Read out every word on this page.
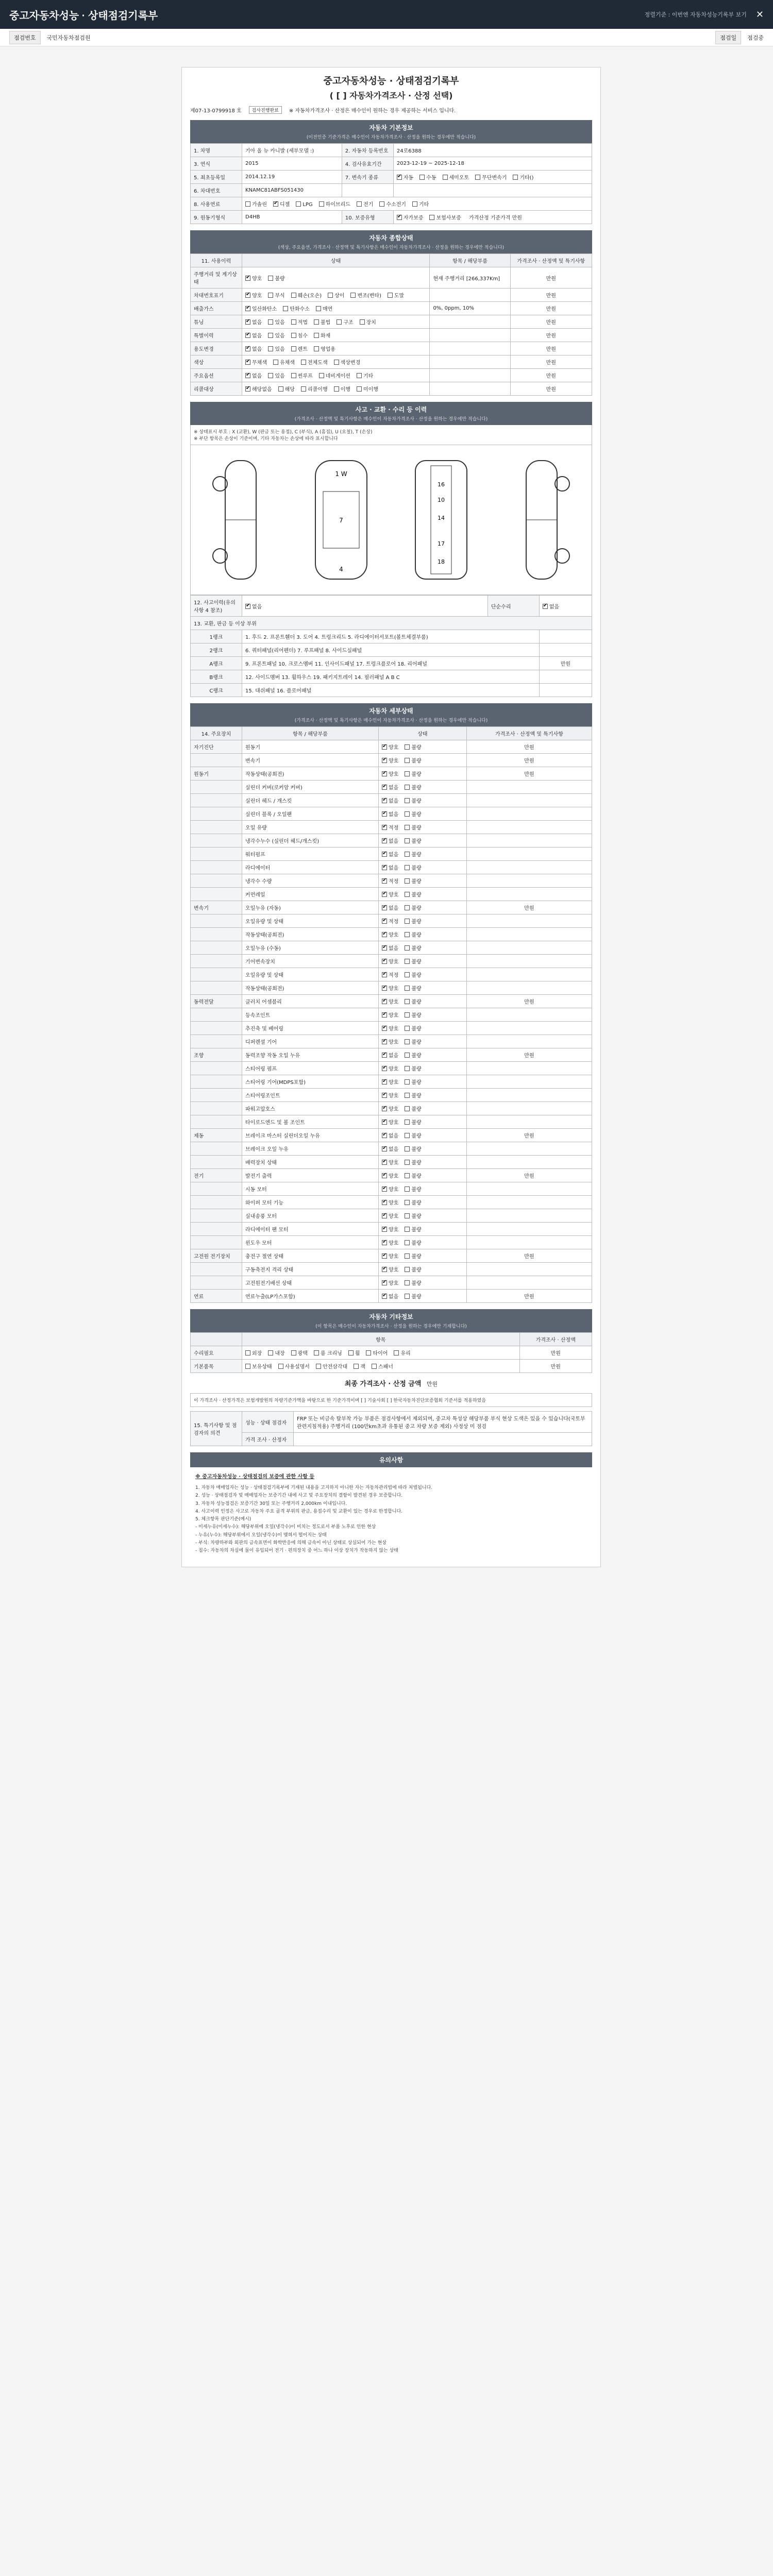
중고자동차성능 · 상태점검기록부	정렬기준 : 이번엔 자동차성능기록부 보기 ✕
점검번호	국민자동차점검원	점검일	점검중
중고자동차성능 · 상태점검기록부
( [ ] 자동차가격조사 · 산정 선택)
제07-13-0799918 호	검사진행완료	※ 자동차가격조사 · 산정은 매수인이 원하는 경우 제공하는 서비스 입니다.
자동차 기본정보
(이전인증 기준가격은 매수인이 자동차가격조사 · 산정을 원하는 경우에만 적습니다)
1. 차명	기아 올 뉴 카니발 (세부모델 :)	2. 자동차 등록번호	24로6388
3. 연식	2015	4. 검사유효기간	2023-12-19 ~ 2025-12-18
5. 최초등록일	2014.12.19	7. 변속기 종류	✔자동 수동 세미오토 무단변속기 기타()
6. 차대번호	KNAMC81ABFS051430		
8. 사용연료	가솔린 ✔ 디젤 LPG 하이브리드 전기 수소전기 기타
9. 원동기형식	D4HB	10. 보증유형	✔자가보증 보험사보증 가격산정 기준가격 만원
자동차 종합상태
(색상, 주요옵션, 가격조사 · 산정액 및 특기사항은 매수인이 자동차가격조사 · 산정을 원하는 경우에만 적습니다)
11. 사용이력	상태	항목 / 해당부품	가격조사 · 산정액 및 특기사항
주행거리 및 계기상태	✔양호 불량	현재 주행거리 [266,337Km]	만원
차대번호표기	✔양호 부식 훼손(오손) 상이 변조(변타) 도말		만원
배출가스	✔일산화탄소 탄화수소 매연	0%, 0ppm, 10%	만원
튜닝	✔없음 있음 적법 불법 구조 장치		만원
특별이력	✔없음 있음 침수 화재		만원
용도변경	✔없음 있음 렌트 영업용		만원
색상	✔무채색 유채색 전체도색 색상변경		만원
주요옵션	✔없음 있음 썬루프 네비게이션 기타		만원
리콜대상	✔해당없음 해당 리콜이행 이행 미이행		만원
사고 · 교환 · 수리 등 이력
(가격조사 · 산정액 및 특기사항은 매수인이 자동차가격조사 · 산정을 원하는 경우에만 적습니다)
※ 상태표시 부호 : X (교환), W (판금 또는 용접), C (부식), A (흠집), U (요철), T (손상)
※ 부단 항목은 손상이 기준이며, 기타 자동차는 손상에 따라 표시합니다
1 W
7
4
16
10
14
17
18
12. 사고이력(유의사항 4 참조)	✔없음	단순수리	✔없음
13. 교환, 판금 등 이상 부위			
1랭크	1. 후드 2. 프론트휀더 3. 도어 4. 트렁크리드 5. 라디에이터서포트(볼트체결부품)		
2랭크	6. 쿼터패널(리어펜더) 7. 루프패널 8. 사이드실패널		
A랭크	9. 프론트패널 10. 크로스멤버 11. 인사이드패널 17. 트렁크플로어 18. 리어패널		만원
B랭크	12. 사이드멤버 13. 휠하우스 19. 패키지트레이 14. 필러패널 A B C		
C랭크	15. 대쉬패널 16. 플로어패널		
자동차 세부상태
(가격조사 · 산정액 및 특기사항은 매수인이 자동차가격조사 · 산정을 원하는 경우에만 적습니다)
14. 주요장치	항목 / 해당부품	상태	가격조사 · 산정액 및 특기사항
자기진단	원동기	✔양호 불량	만원
	변속기	✔양호 불량	만원
원동기	작동상태(공회전)	✔양호 불량	만원
	실린더 커버(로커암 커버)	✔없음 불량	
	실린더 헤드 / 개스킷	✔없음 불량	
	실린더 블록 / 오일팬	✔없음 불량	
	오일 유량	✔적정 불량	
	냉각수누수 (실린더 헤드/개스킷)	✔없음 불량	
	워터펌프	✔없음 불량	
	라디에이터	✔없음 불량	
	냉각수 수량	✔적정 불량	
	커먼레일	✔양호 불량	
변속기	오일누유 (자동)	✔없음 불량	만원
	오일유량 및 상태	✔적정 불량	
	작동상태(공회전)	✔양호 불량	
	오일누유 (수동)	✔없음 불량	
	기어변속장치	✔양호 불량	
	오일유량 및 상태	✔적정 불량	
	작동상태(공회전)	✔양호 불량	
동력전달	클러치 어셈블리	✔양호 불량	만원
	등속조인트	✔양호 불량	
	추진축 및 베어링	✔양호 불량	
	디퍼렌셜 기어	✔양호 불량	
조향	동력조향 작동 오일 누유	✔없음 불량	만원
	스티어링 펌프	✔양호 불량	
	스티어링 기어(MDPS포함)	✔양호 불량	
	스티어링조인트	✔양호 불량	
	파워고압호스	✔양호 불량	
	타이로드엔드 및 볼 조인트	✔양호 불량	
제동	브레이크 마스터 실린더오일 누유	✔없음 불량	만원
	브레이크 오일 누유	✔없음 불량	
	배력장치 상태	✔양호 불량	
전기	발전기 출력	✔양호 불량	만원
	시동 모터	✔양호 불량	
	와이퍼 모터 기능	✔양호 불량	
	실내송풍 모터	✔양호 불량	
	라디에이터 팬 모터	✔양호 불량	
	윈도우 모터	✔양호 불량	
고전원 전기장치	충전구 절연 상태	✔양호 불량	만원
	구동축전지 격리 상태	✔양호 불량	
	고전원전기배선 상태	✔양호 불량	
연료	연료누출(LP가스포함)	✔없음 불량	만원
자동차 기타정보
(이 항목은 매수인이 자동차가격조사 · 산정을 원하는 경우에만 기재합니다)
	항목	가격조사 · 산정액
수리필요	외장 내장 광택 룸 크리닝 휠 타이어 유리	만원
기본품목	보유상태 사용설명서 안전삼각대 잭 스패너	만원
최종 가격조사 · 산정 금액 만원
이 가격조사 · 산정가격은 보험개발원의 차량기준가액을 바탕으로 한 기준가격이며 [ ] 기술사회 [ ] 한국자동차진단보증협회 기준서를 적용하였음
15. 특기사항 및 점검자의 의견	성능 · 상태 점검자	FRP 또는 비금속 탈부착 가능 부품은 점검사항에서 제외되며, 중고차 특성상 해당부품 부식 현상 도색은 있을 수 있습니다(국토부관련지침적용) 주행거리 (100만km초과 유통된 중고 차량 보증 제외) 사정상 미 점검
	가격 조사 · 산정자	
유의사항
※ 중고자동차성능 · 상태점검의 보증에 관한 사항 등
1. 자동차 매매업자는 성능 · 상태점검기록부에 기재된 내용을 고지하지 아니한 자는 자동차관리법에 따라 처벌됩니다.
2. 성능 · 상태점검자 및 매매업자는 보증기간 내에 사고 및 주요장치의 결함이 발견된 경우 보증합니다.
3. 자동차 성능점검은 보증기간 30일 또는 주행거리 2,000km 이내입니다.
4. 사고이력 인정은 사고로 자동차 주요 골격 부위의 판금, 용접수리 및 교환이 있는 경우로 한정합니다.
5. 체크항목 판단기준(예시)
- 미세누유(미세누수): 해당부위에 오일(냉각수)이 비치는 정도로서 부품 노후로 인한 현상
- 누유(누수): 해당부위에서 오일(냉각수)이 맺혀서 떨어지는 상태
- 부식: 차량하부와 외판의 금속표면이 화학반응에 의해 금속이 아닌 상태로 상실되어 가는 현상
- 침수: 자동차의 차실에 물이 유입되어 전기 · 편의장치 중 어느 하나 이상 장치가 작동하지 않는 상태
